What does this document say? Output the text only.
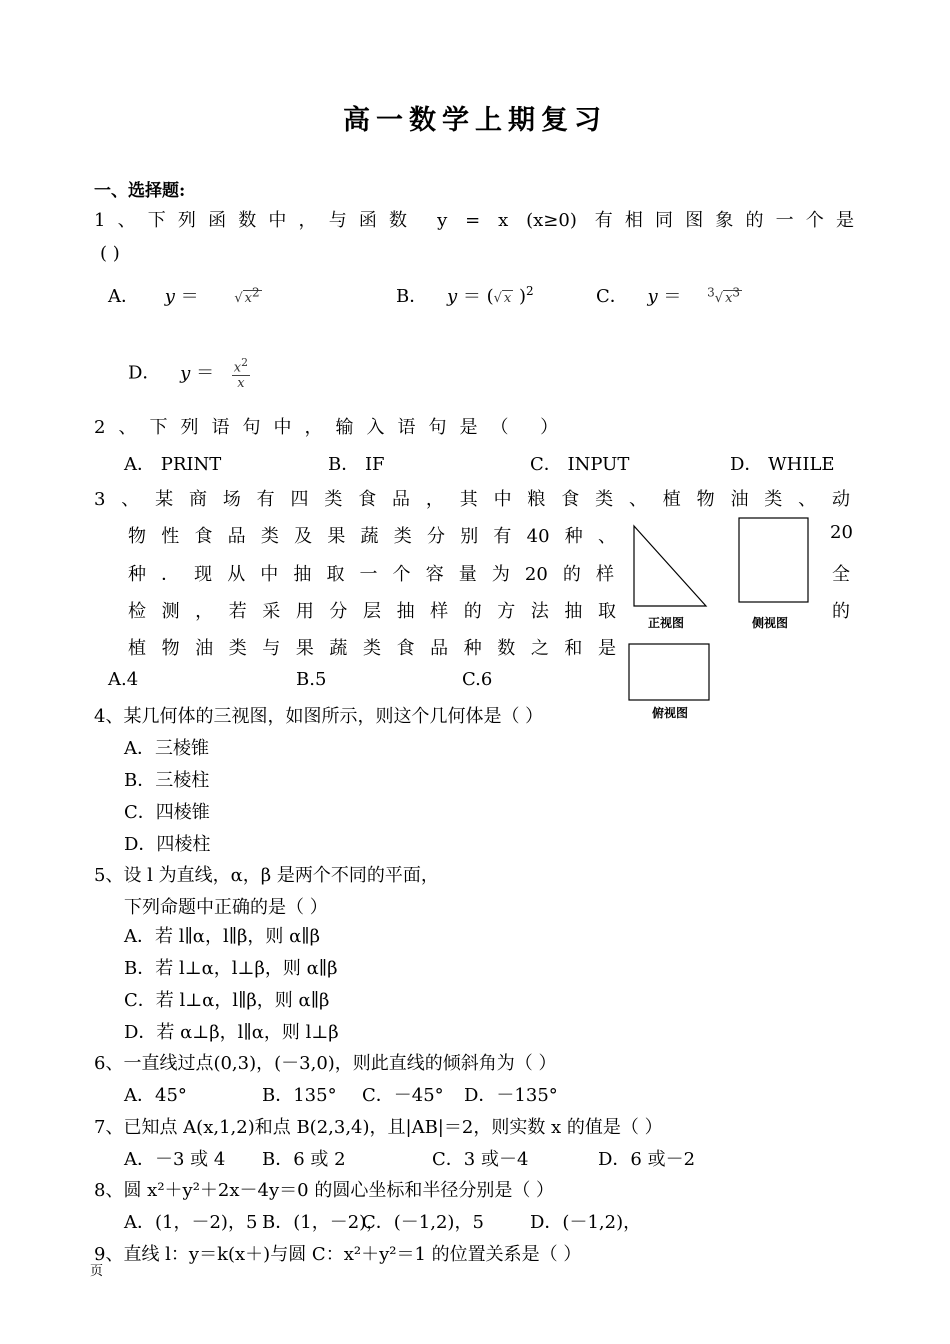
高一数学上期复习
一、选择题:
1、下列函数中，与函数 y = x (x≥0) 有相同图象的一个是
( )
A． y ＝ √ $x^2$	B． y ＝ (√ x )$^2$	C． y ＝ $^3$√ $x^3$
D． $y = \frac{x^2}{x}$
2、下列语句中，输入语句是（ ）
A． PRINT	B． IF	C． INPUT	D． WHILE
3、某商场有四类食品，其中粮食类、植物油类、动
物性食品类及果蔬类分别有40种、	20
种．现从中抽取一个容量为20的样	全
检测，若采用分层抽样的方法抽取	的
植物油类与果蔬类食品种数之和是
A.4	B.5	C.6
正视图	侧视图
俯视图
4、某几何体的三视图，如图所示，则这个几何体是（ ）
A．三棱锥
B．三棱柱
C．四棱锥
D．四棱柱
5、设 l 为直线，α，β 是两个不同的平面，
下列命题中正确的是（ ）
A．若 l∥α，l∥β，则 α∥β
B．若 l⊥α，l⊥β，则 α∥β
C．若 l⊥α，l∥β，则 α∥β
D．若 α⊥β，l∥α，则 l⊥β
6、一直线过点(0,3)，(－3,0)，则此直线的倾斜角为（ ）
A．45°	B．135° C．－45° D．－135°
7、已知点 A(x,1,2)和点 B(2,3,4)，且|AB|＝2，则实数 x 的值是（ ）
A．－3 或 4 B．6 或 2	C．3 或－4	D．6 或－2
8、圆 x²＋y²＋2x－4y＝0 的圆心坐标和半径分别是（ ）
A．(1，－2)，5 B．(1，－2)，
C．(－1,2)，5	D．(－1,2)，
9、直线 l：y＝k(x＋)与圆 C：x²＋y²＝1 的位置关系是（ ）
页
